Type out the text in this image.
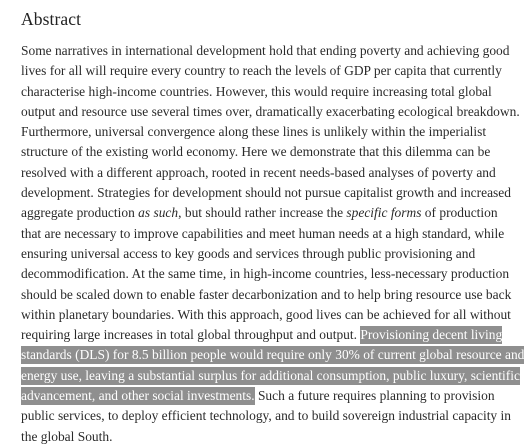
Abstract

Some narratives in international development hold that ending poverty and achieving good
lives for all will require every country to reach the levels of GDP per capita that currently
characterise high-income countries. However, this would require increasing total global
output and resource use several times over, dramatically exacerbating ecological breakdown.
Furthermore, universal convergence along these lines is unlikely within the imperialist
structure of the existing world economy. Here we demonstrate that this dilemma can be
resolved with a different approach, rooted in recent needs-based analyses of poverty and
development. Strategies for development should not pursue capitalist growth and increased
aggregate production as such, but should rather increase the specific forms of production
that are necessary to improve capabilities and meet human needs at a high standard, while
ensuring universal access to key goods and services through public provisioning and
decommodification. At the same time, in high-income countries, less-necessary production
should be scaled down to enable faster decarbonization and to help bring resource use back
within planetary boundaries. With this approach, good lives can be achieved for all without
requiring large increases in total global throughput and output. Provisioning decent living
standards (DLS) for 8.5 billion people would require only 30% of current global resource and
energy use, leaving a substantial surplus for additional consumption, public luxury, scientific
advancement, and other social investments. Such a future requires planning to provision
public services, to deploy efficient technology, and to build sovereign industrial capacity in
the global South.
